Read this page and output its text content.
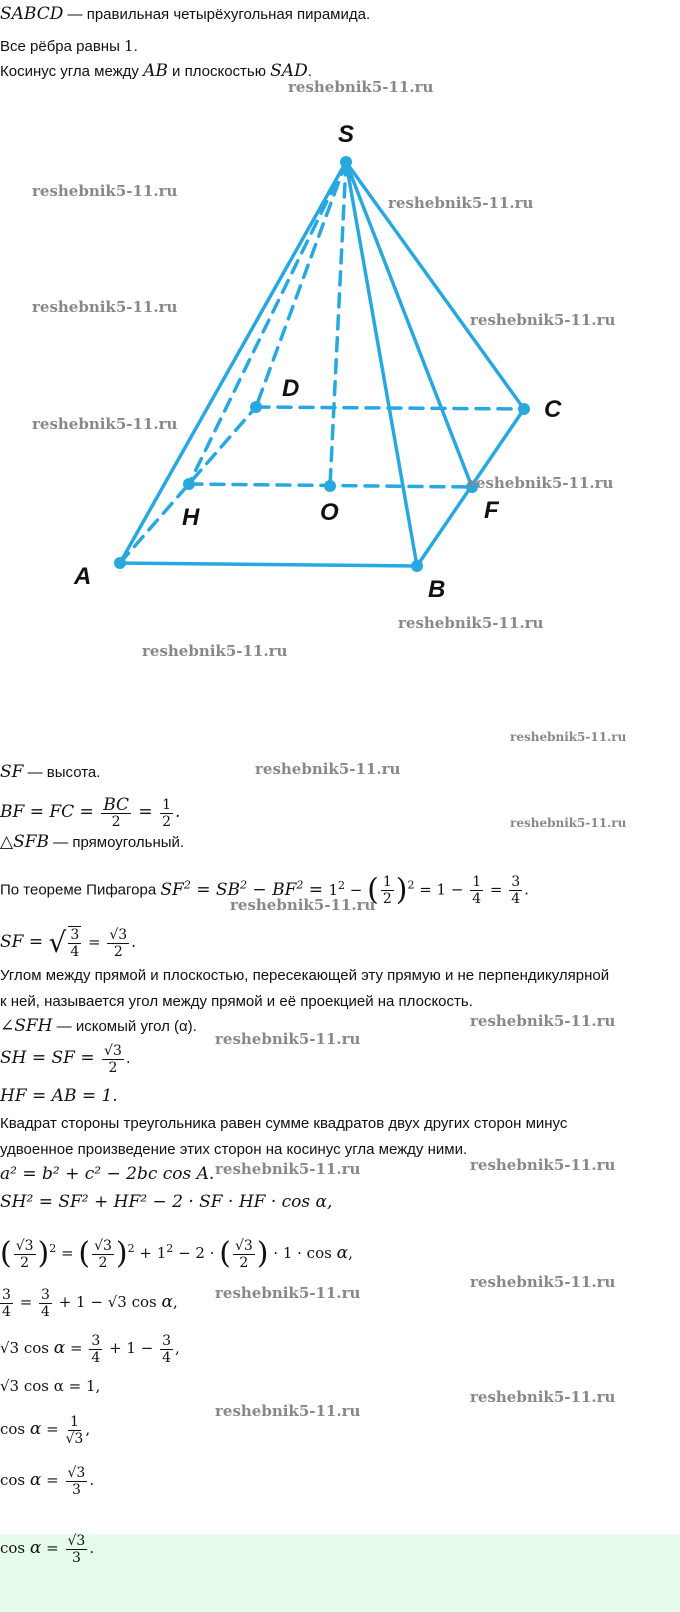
SABCD — правильная четырёхугольная пирамида.
Все рёбра равны 1.
Косинус угла между AB и плоскостью SAD.
S
D
C
H	O	F
A	B
reshebnik5-11.ru
reshebnik5-11.ru
reshebnik5-11.ru
reshebnik5-11.ru
reshebnik5-11.ru
reshebnik5-11.ru
reshebnik5-11.ru
reshebnik5-11.ru
reshebnik5-11.ru
reshebnik5-11.ru
reshebnik5-11.ru
reshebnik5-11.ru
reshebnik5-11.ru
reshebnik5-11.ru
reshebnik5-11.ru
reshebnik5-11.ru
reshebnik5-11.ru
reshebnik5-11.ru
reshebnik5-11.ru
reshebnik5-11.ru
reshebnik5-11.ru
SF — высота.
BF = FC = $\frac{BC}{2} = \frac{1}{2}$ .
△SFB — прямоугольный.
По теореме Пифагора $SF^2 = SB^2 - BF^2 = 1^2$ − ( $\frac{1}{2} )^2 = 1 - \frac{1}{4} = \frac{3}{4}$ .
SF = √ $\frac{3}{4} = \frac{√3}{2}$ .
Углом между прямой и плоскостью, пересекающей эту прямую и не перпендикулярной
к ней, называется угол между прямой и её проекцией на плоскость.
∠SFH — искомый угол (α).
SH = SF = $\frac{√3}{2}$ .
HF = AB = 1.
Квадрат стороны треугольника равен сумме квадратов двух других сторон минус
удвоенное произведение этих сторон на косинус угла между ними.
a² = b² + c² − 2bc cos A.
SH² = SF² + HF² − 2 · SF · HF · cos α,
( $\frac{√3}{2} )^2$ = ( $\frac{√3}{2} )^2 + 1^2 - 2$ · ( $\frac{√3}{2}$ ) · 1 · cos α,
$\frac{3}{4} = \frac{3}{4} + 1 - √3$ cos α,
√3 $\cos \alpha = \frac{3}{4} + 1 - \frac{3}{4}$ ,
√3 cos α = 1,
$\cos \alpha = \frac{1}{√3}$ ,
$\cos \alpha = \frac{√3}{3}$ .
$\cos \alpha = \frac{√3}{3}$ .
